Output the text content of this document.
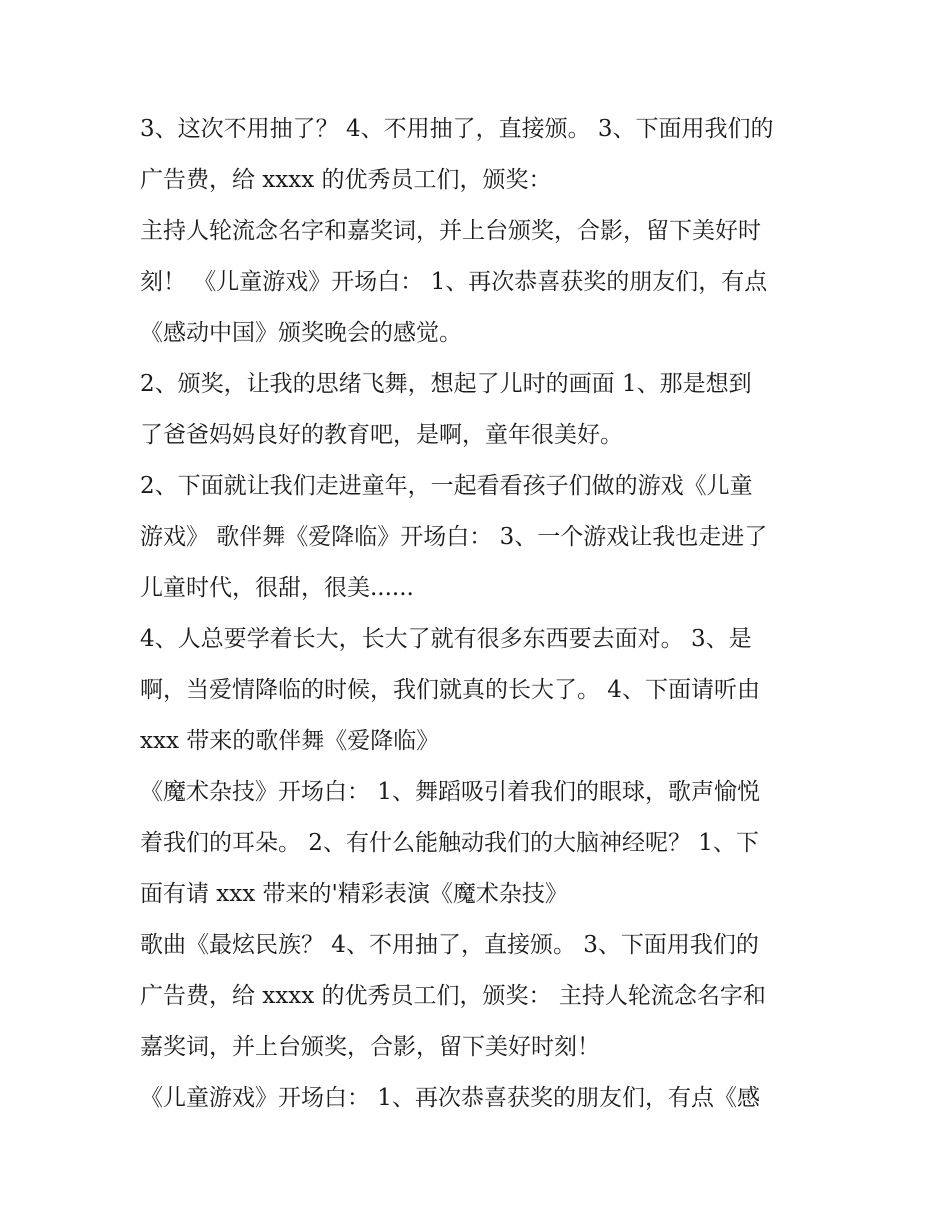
3、这次不用抽了？ 4、不用抽了，直接颁。 3、下面用我们的
广告费，给 xxxx 的优秀员工们，颁奖：
主持人轮流念名字和嘉奖词，并上台颁奖，合影，留下美好时
刻！ 《儿童游戏》开场白： 1、再次恭喜获奖的朋友们，有点
《感动中国》颁奖晚会的感觉。
2、颁奖，让我的思绪飞舞，想起了儿时的画面 1、那是想到
了爸爸妈妈良好的教育吧，是啊，童年很美好。
2、下面就让我们走进童年，一起看看孩子们做的游戏《儿童
游戏》 歌伴舞《爱降临》开场白： 3、一个游戏让我也走进了
儿童时代，很甜，很美......
4、人总要学着长大，长大了就有很多东西要去面对。 3、是
啊，当爱情降临的时候，我们就真的长大了。 4、下面请听由
xxx 带来的歌伴舞《爱降临》
《魔术杂技》开场白： 1、舞蹈吸引着我们的眼球，歌声愉悦
着我们的耳朵。 2、有什么能触动我们的大脑神经呢？ 1、下
面有请 xxx 带来的'精彩表演《魔术杂技》
歌曲《最炫民族？ 4、不用抽了，直接颁。 3、下面用我们的
广告费，给 xxxx 的优秀员工们，颁奖： 主持人轮流念名字和
嘉奖词，并上台颁奖，合影，留下美好时刻！
《儿童游戏》开场白： 1、再次恭喜获奖的朋友们，有点《感
